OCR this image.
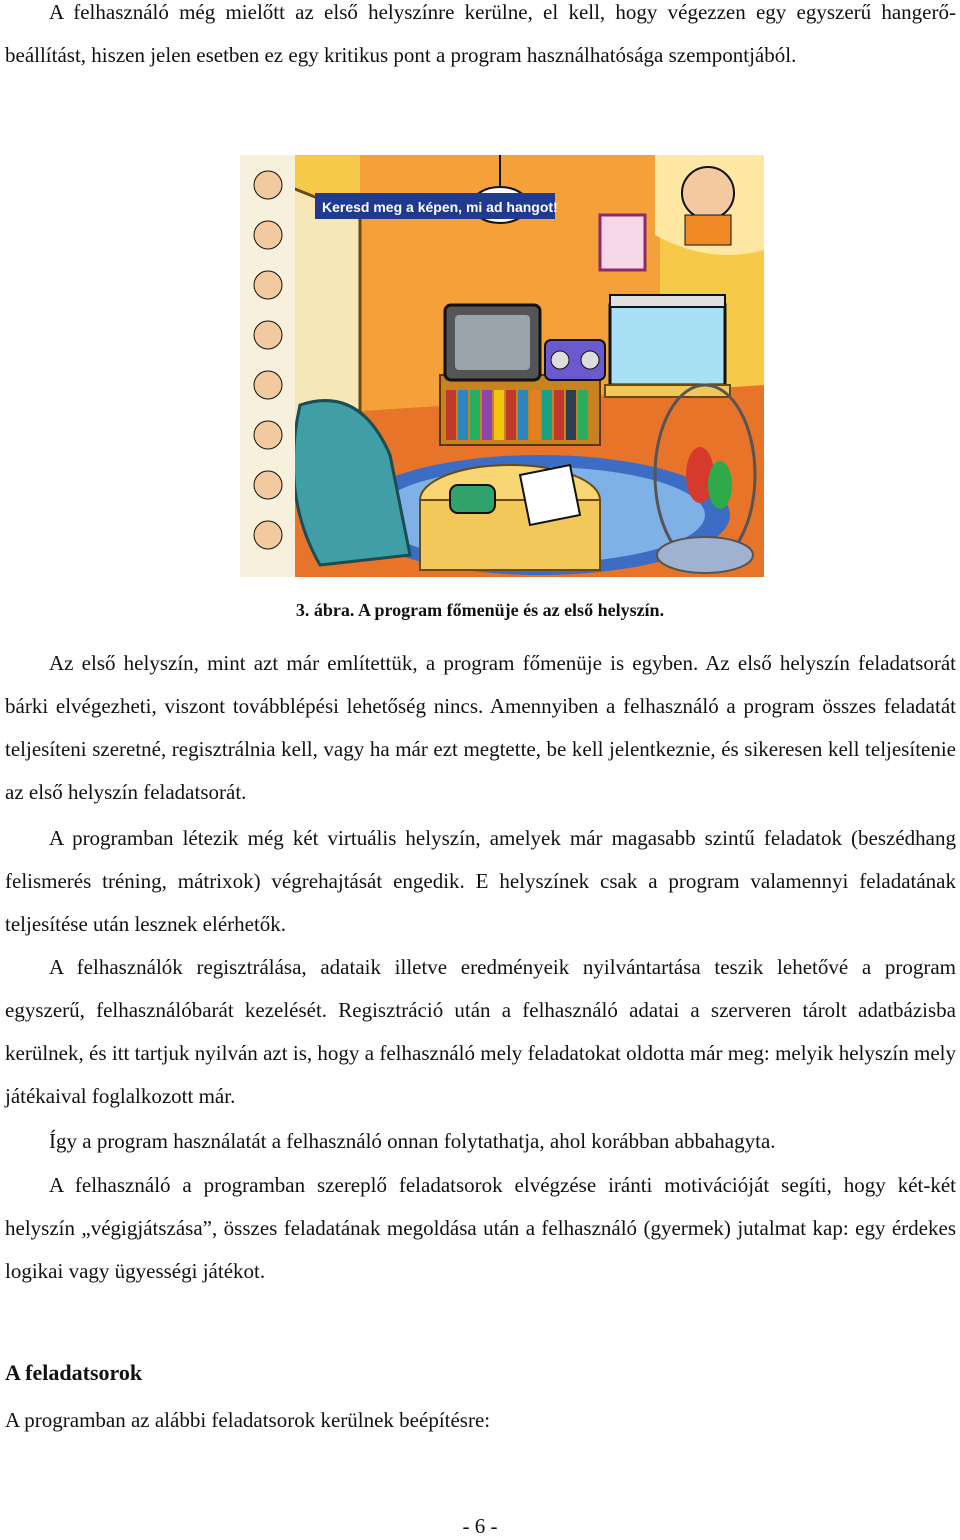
A felhasználó még mielőtt az első helyszínre kerülne, el kell, hogy végezzen egy egyszerű hangerő-beállítást, hiszen jelen esetben ez egy kritikus pont a program használhatósága szempontjából.

Keresd meg a képen, mi ad hangot!
3. ábra. A program főmenüje és az első helyszín.

Az első helyszín, mint azt már említettük, a program főmenüje is egyben. Az első helyszín feladatsorát bárki elvégezheti, viszont továbblépési lehetőség nincs. Amennyiben a felhasználó a program összes feladatát teljesíteni szeretné, regisztrálnia kell, vagy ha már ezt megtette, be kell jelentkeznie, és sikeresen kell teljesítenie az első helyszín feladatsorát.

A programban létezik még két virtuális helyszín, amelyek már magasabb szintű feladatok (beszédhang felismerés tréning, mátrixok) végrehajtását engedik. E helyszínek csak a program valamennyi feladatának teljesítése után lesznek elérhetők.

A felhasználók regisztrálása, adataik illetve eredményeik nyilvántartása teszik lehetővé a program egyszerű, felhasználóbarát kezelését. Regisztráció után a felhasználó adatai a szerveren tárolt adatbázisba kerülnek, és itt tartjuk nyilván azt is, hogy a felhasználó mely feladatokat oldotta már meg: melyik helyszín mely játékaival foglalkozott már.

Így a program használatát a felhasználó onnan folytathatja, ahol korábban abbahagyta.

A felhasználó a programban szereplő feladatsorok elvégzése iránti motivációját segíti, hogy két-két helyszín „végigjátszása”, összes feladatának megoldása után a felhasználó (gyermek) jutalmat kap: egy érdekes logikai vagy ügyességi játékot.

A feladatsorok

A programban az alábbi feladatsorok kerülnek beépítésre:

- 6 -
